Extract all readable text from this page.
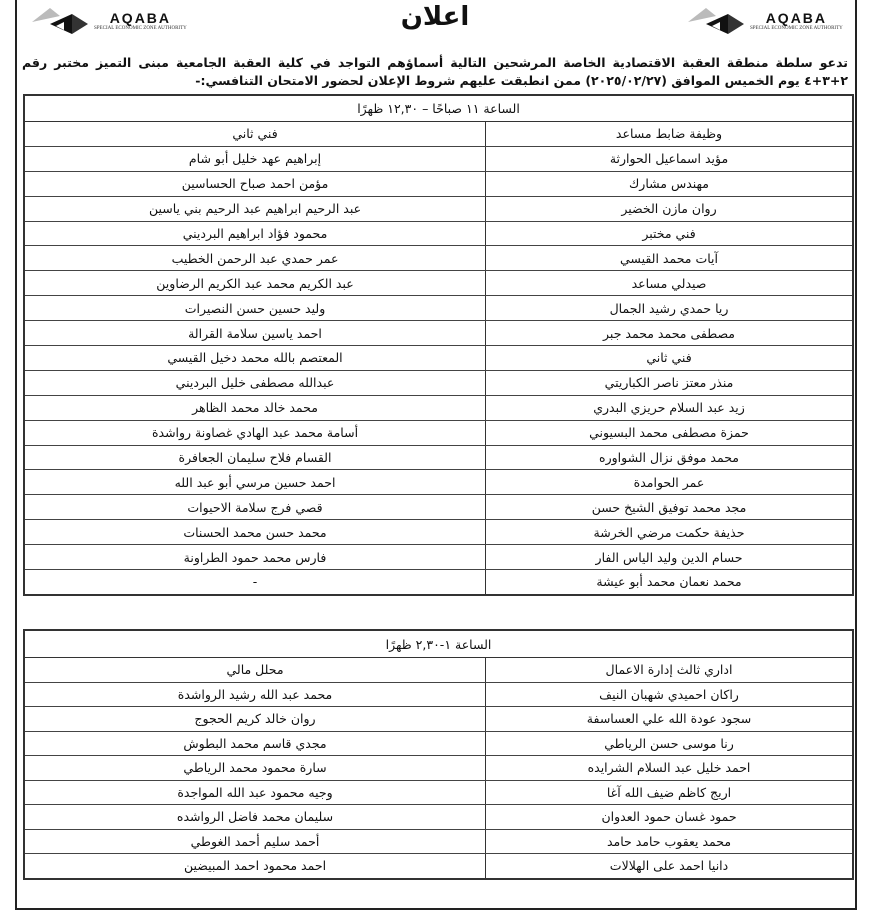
AQABA
SPECIAL ECONOMIC ZONE AUTHORITY
AQABA
SPECIAL ECONOMIC ZONE AUTHORITY
اعلان
تدعو سلطة منطقة العقبة الاقتصادية الخاصة المرشحين التالية أسماؤهم التواجد في كلية العقبة الجامعية مبنى التميز مختبر رقم ٢+٣+٤ يوم الخميس الموافق (٢٠٢٥/٠٢/٢٧) ممن انطبقت عليهم شروط الإعلان لحضور الامتحان التنافسي:-
الساعة ١١ صباحًا – ١٢,٣٠ ظهرًا
وظيفة ضابط مساعد
فني ثاني
مؤيد اسماعيل الحوارثة
إبراهيم عهد خليل أبو شام
مهندس مشارك
مؤمن احمد صباح الحساسين
روان مازن الخضير
عبد الرحيم ابراهيم عبد الرحيم بني ياسين
فني مختبر
محمود فؤاد ابراهيم البرديني
آيات محمد القيسي
عمر حمدي عبد الرحمن الخطيب
صيدلي مساعد
عبد الكريم محمد عبد الكريم الرضاوين
ريا حمدي رشيد الجمال
وليد حسين حسن النصيرات
مصطفى محمد محمد جبر
احمد ياسين سلامة القرالة
فني ثاني
المعتصم بالله محمد دخيل القيسي
منذر معتز ناصر الكباريتي
عبدالله مصطفى خليل البرديني
زيد عبد السلام حريزي البدري
محمد خالد محمد الظاهر
حمزة مصطفى محمد البسيوني
أسامة محمد عبد الهادي غصاونة رواشدة
محمد موفق نزال الشواوره
القسام فلاح سليمان الجعافرة
عمر الحوامدة
احمد حسين مرسي أبو عبد الله
مجد محمد توفيق الشيخ حسن
قصي فرج سلامة الاحيوات
حذيفة حكمت مرضي الخرشة
محمد حسن محمد الحسنات
حسام الدين وليد الياس الفار
فارس محمد حمود الطراونة
محمد نعمان محمد أبو عيشة
-
الساعة ١-٢,٣٠ ظهرًا
اداري ثالث إدارة الاعمال
محلل مالي
راكان احميدي شهبان النيف
محمد عبد الله رشيد الرواشدة
سجود عودة الله علي العساسفة
روان خالد كريم الحجوج
رنا موسى حسن الرياطي
مجدي قاسم محمد البطوش
احمد خليل عبد السلام الشرايده
سارة محمود محمد الرياطي
اريج كاظم ضيف الله آغا
وجيه محمود عبد الله المواجدة
حمود غسان حمود العدوان
سليمان محمد فاضل الرواشده
محمد يعقوب حامد حامد
أحمد سليم أحمد الغوطي
دانيا احمد على الهلالات
احمد محمود احمد المبيضين
